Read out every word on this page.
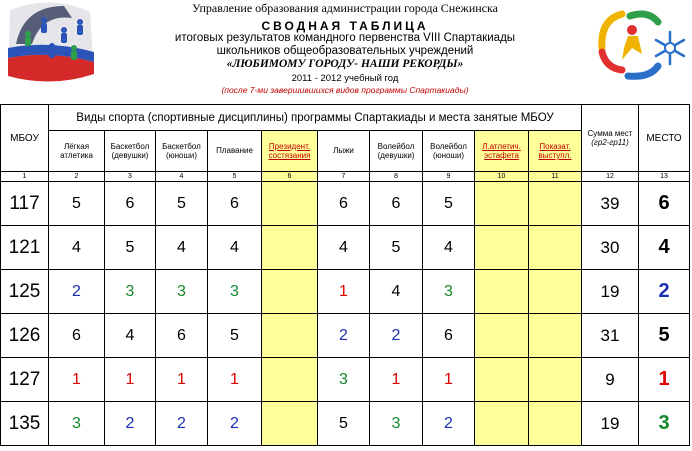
Управление образования администрации города Снежинска
СВОДНАЯ ТАБЛИЦА
итоговых результатов командного первенства VIII Спартакиады
школьников общеобразовательных учреждений
«ЛЮБИМОМУ ГОРОДУ- НАШИ РЕКОРДЫ»
2011 - 2012 учебный год
(после 7-ми завершившихся видов программы Спартакиады)
МБОУ	Виды спорта (спортивные дисциплины) программы Спартакиады и места занятые МБОУ										Сумма мест
(гр2-гр11)	МЕСТО
	Лёгкая атлетика	Баскетбол (девушки)	Баскетбол (юноши)	Плавание	Президент. состязания	Лыжи	Волейбол (девушки)	Волейбол (юноши)	Л.атлетич. эстафета	Показат. выступл.		
1	2	3	4	5	6	7	8	9	10	11	12	13
117	5	6	5	6		6	6	5			39	6
121	4	5	4	4		4	5	4			30	4
125	2	3	3	3		1	4	3			19	2
126	6	4	6	5		2	2	6			31	5
127	1	1	1	1		3	1	1			9	1
135	3	2	2	2		5	3	2			19	3
